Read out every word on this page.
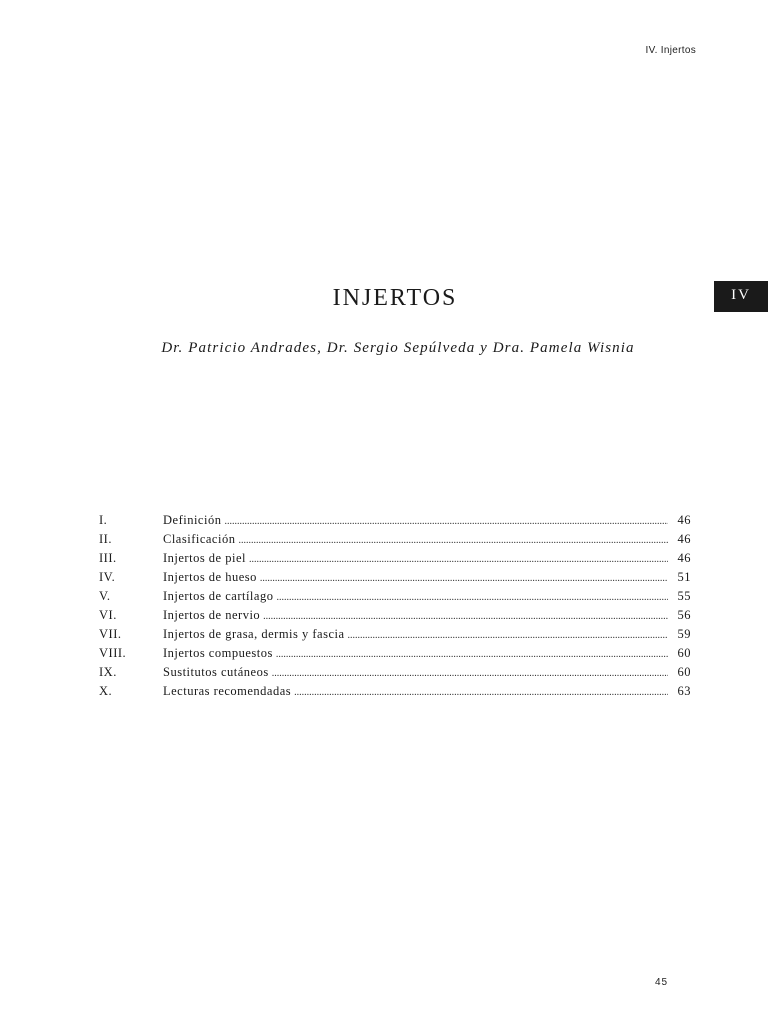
IV. Injertos
IV
INJERTOS

Dr. Patricio Andrades, Dr. Sergio Sepúlveda y Dra. Pamela Wisnia

I.	Definición .....	46
II.	Clasificación .....	46
III.	Injertos de piel .....	46
IV.	Injertos de hueso .....	51
V.	Injertos de cartílago .....	55
VI.	Injertos de nervio .....	56
VII.	Injertos de grasa, dermis y fascia .....	59
VIII.	Injertos compuestos .....	60
IX.	Sustitutos cutáneos .....	60
X.	Lecturas recomendadas .....	63
45
